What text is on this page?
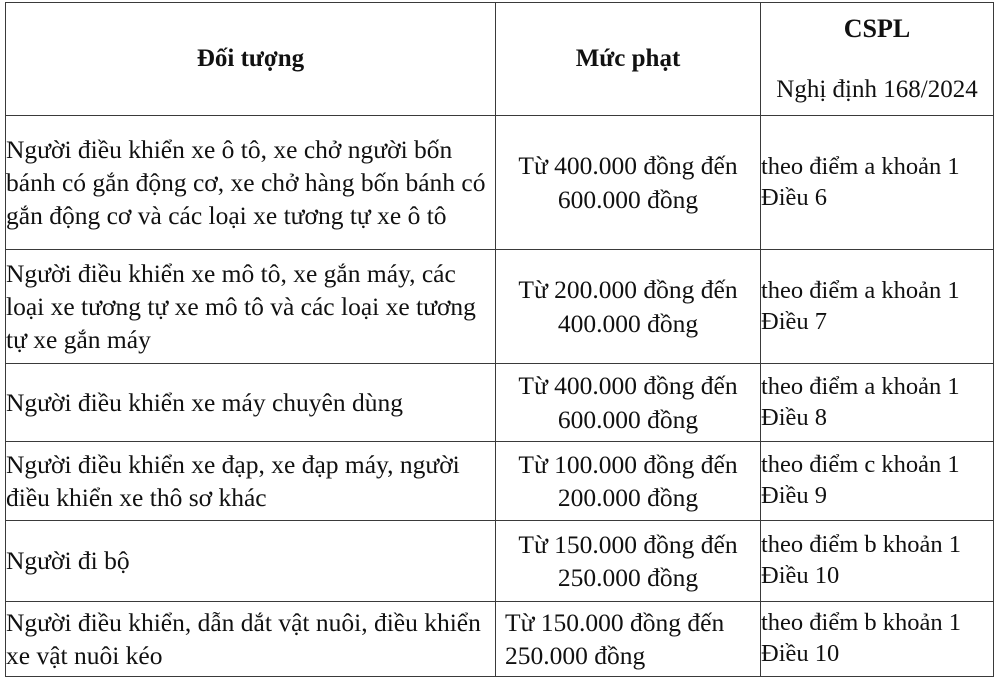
Đối tượng	Mức phạt	CSPL
Nghị định 168/2024

Người điều khiển xe ô tô, xe chở người bốn bánh có gắn động cơ, xe chở hàng bốn bánh có gắn động cơ và các loại xe tương tự xe ô tô	Từ 400.000 đồng đến 600.000 đồng	theo điểm a khoản 1 Điều 6
Người điều khiển xe mô tô, xe gắn máy, các loại xe tương tự xe mô tô và các loại xe tương tự xe gắn máy	Từ 200.000 đồng đến 400.000 đồng	theo điểm a khoản 1 Điều 7
Người điều khiển xe máy chuyên dùng	Từ 400.000 đồng đến 600.000 đồng	theo điểm a khoản 1 Điều 8
Người điều khiển xe đạp, xe đạp máy, người điều khiển xe thô sơ khác	Từ 100.000 đồng đến 200.000 đồng	theo điểm c khoản 1 Điều 9
Người đi bộ	Từ 150.000 đồng đến 250.000 đồng	theo điểm b khoản 1 Điều 10
Người điều khiển, dẫn dắt vật nuôi, điều khiển xe vật nuôi kéo	Từ 150.000 đồng đến 250.000 đồng	theo điểm b khoản 1 Điều 10
